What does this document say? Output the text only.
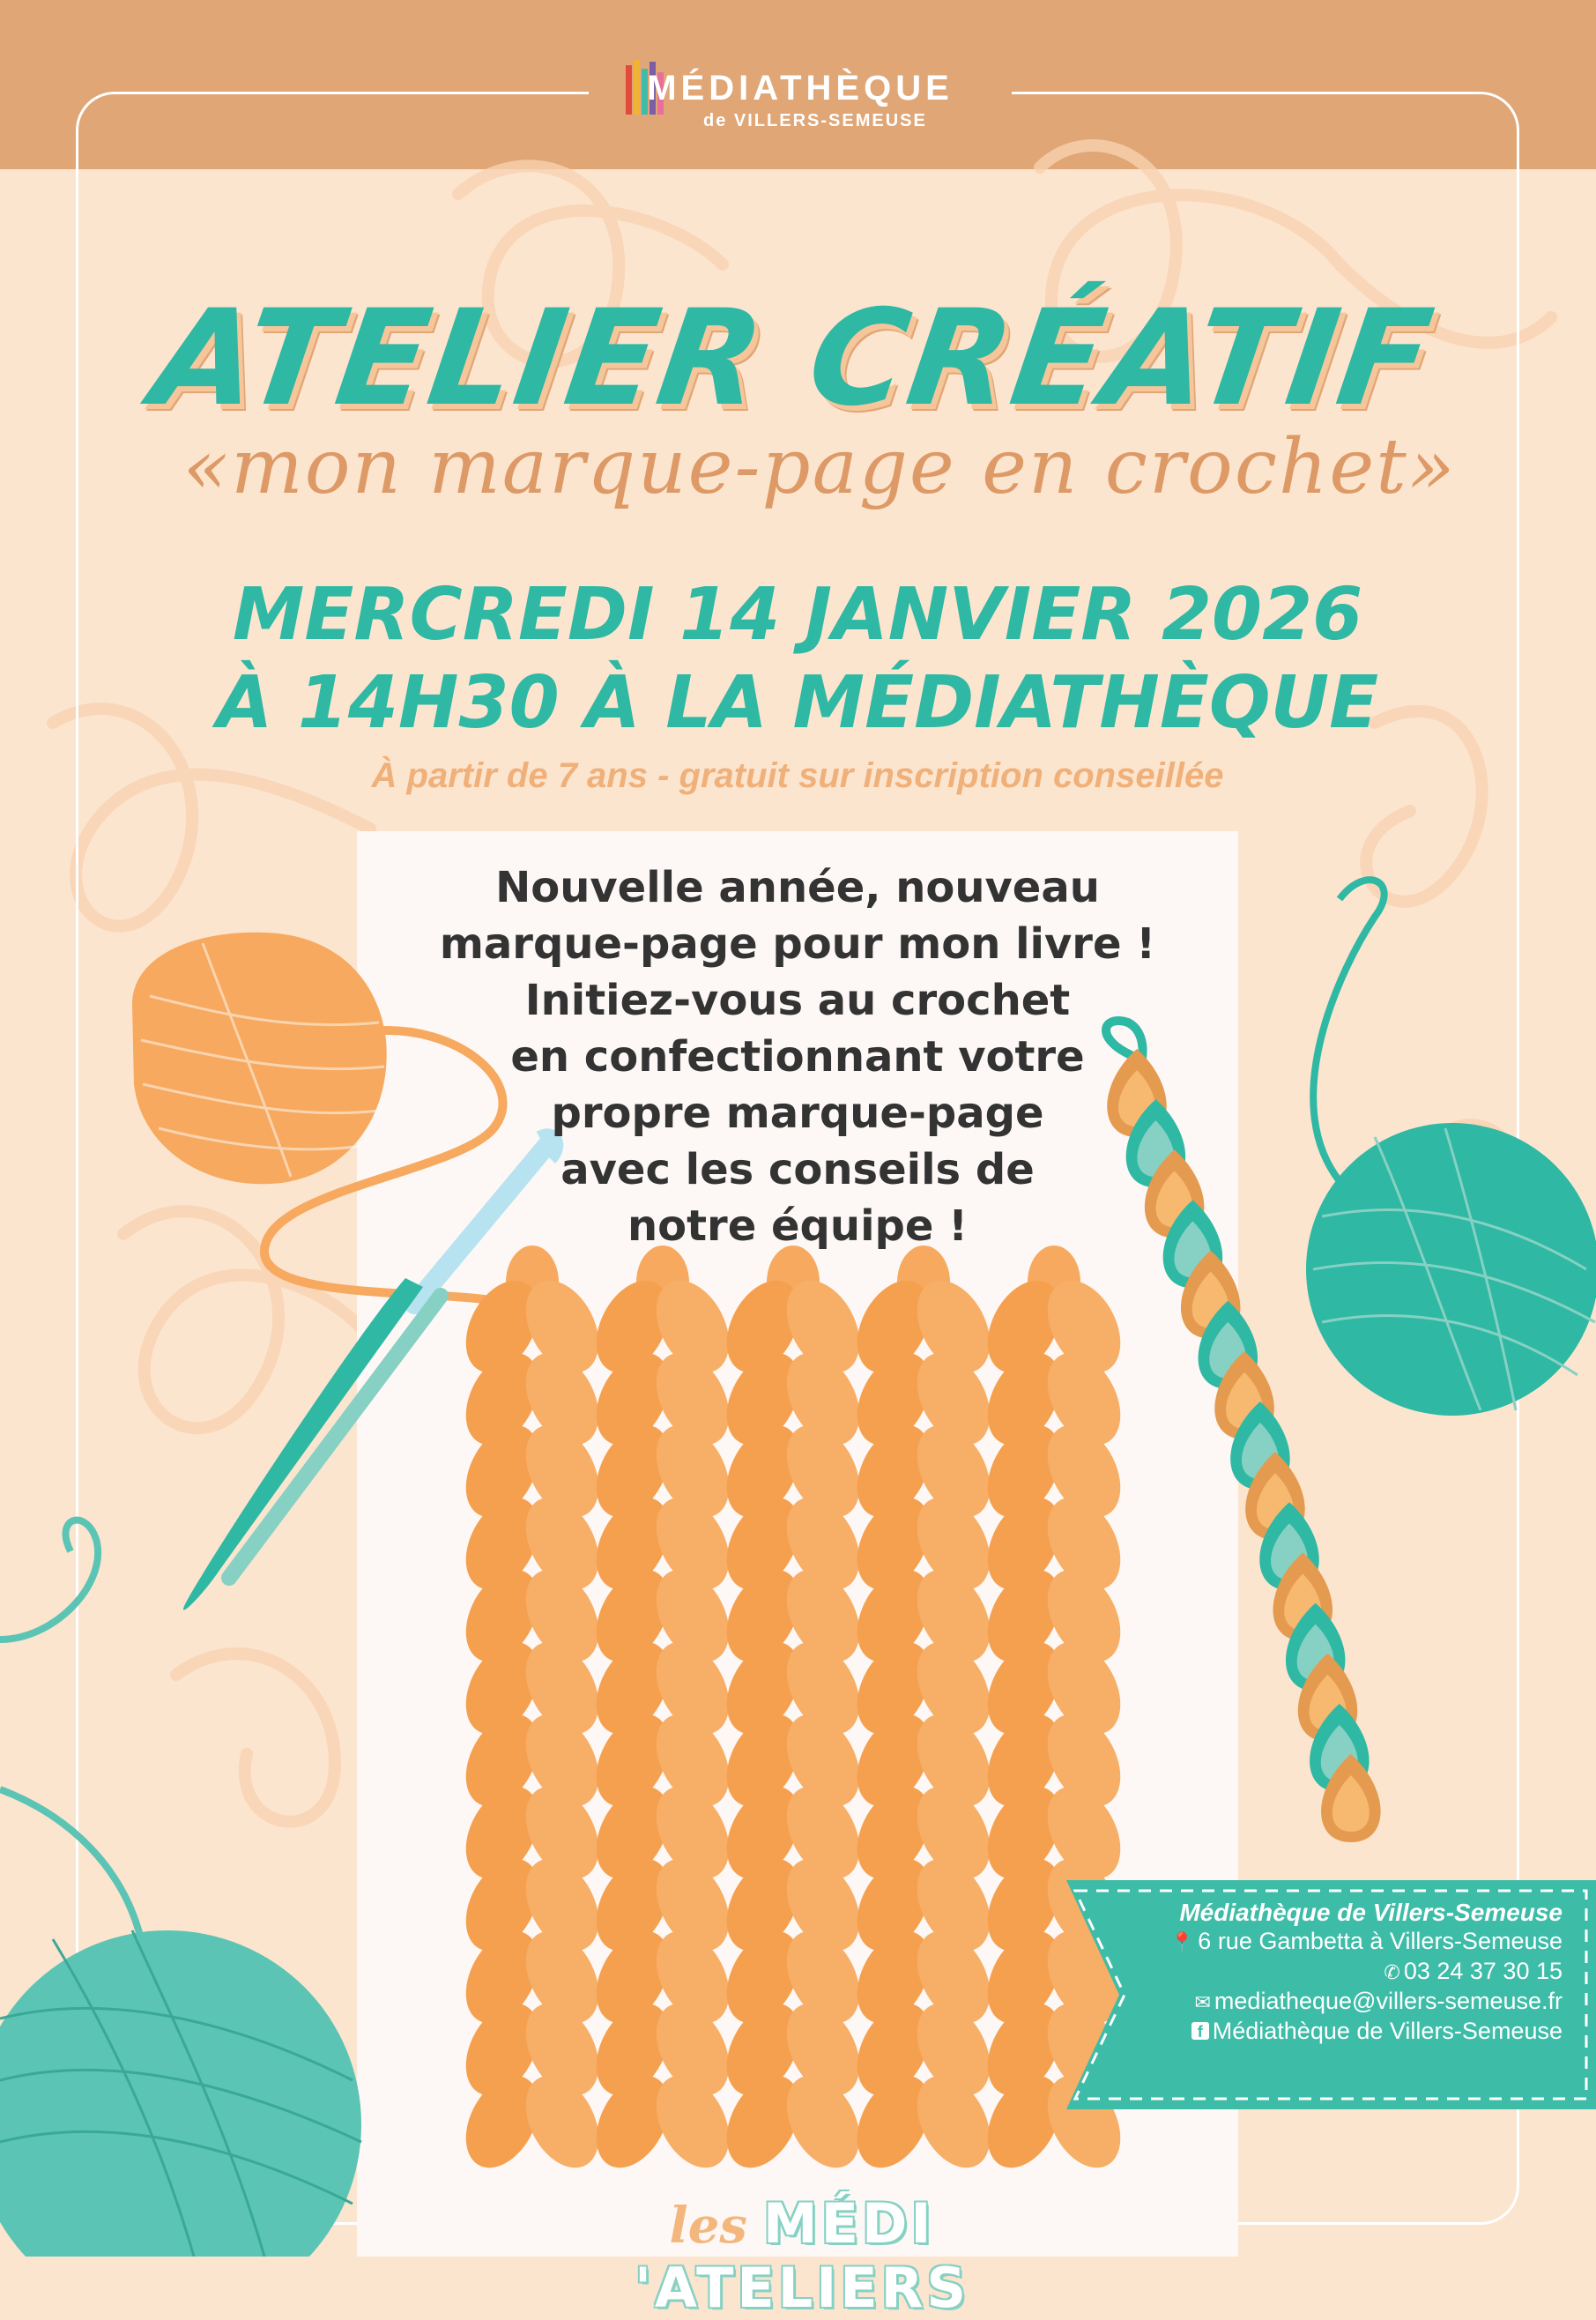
MÉDIATHÈQUE
de VILLERS-SEMEUSE
ATELIER CRÉATIF
«mon marque-page en crochet»
MERCREDI 14 JANVIER 2026
À 14H30 À LA MÉDIATHÈQUE
À partir de 7 ans - gratuit sur inscription conseillée
Nouvelle année, nouveau
marque-page pour mon livre !
Initiez-vous au crochet
en confectionnant votre
propre marque-page
avec les conseils de
notre équipe !
Médiathèque de Villers-Semeuse
📍 6 rue Gambetta à Villers-Semeuse
✆ 03 24 37 30 15
✉ mediatheque@villers-semeuse.fr
f Médiathèque de Villers-Semeuse
les MÉDI 'ATELIERS
